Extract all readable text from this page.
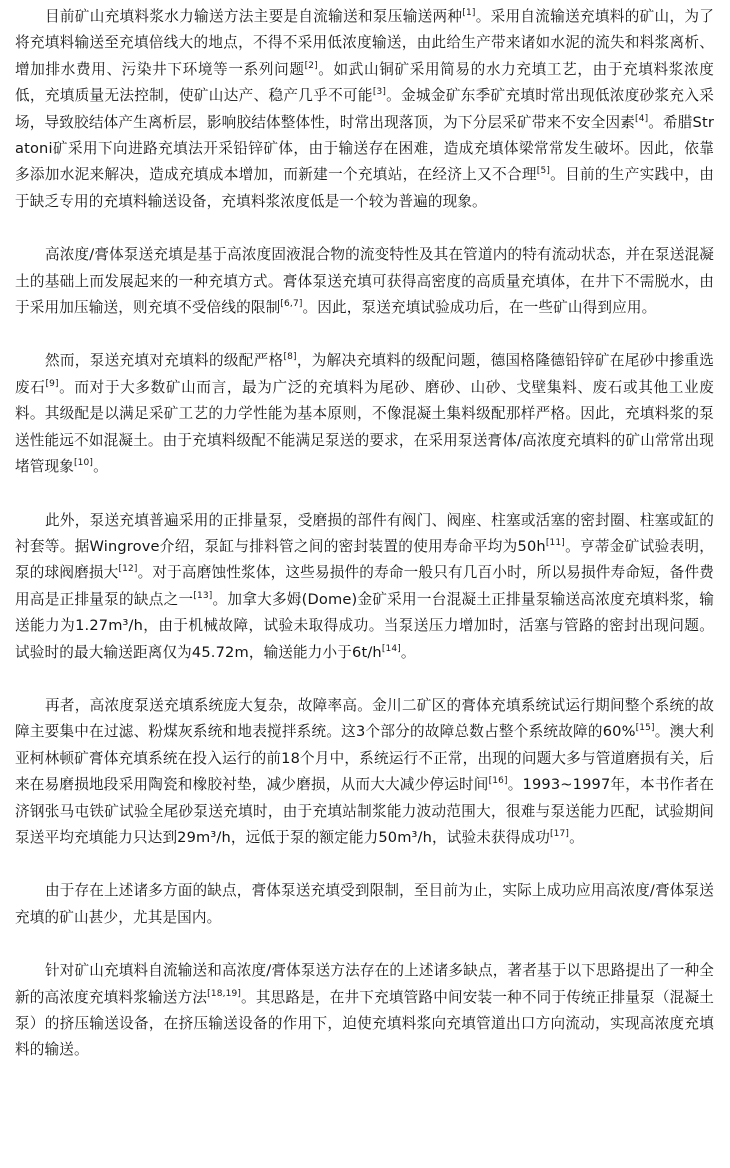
目前矿山充填料浆水力输送方法主要是自流输送和泵压输送两种[1]。采用自流输送充填料的矿山，为了将充填料输送至充填倍线大的地点，不得不采用低浓度输送，由此给生产带来诸如水泥的流失和料浆离析、增加排水费用、污染井下环境等一系列问题[2]。如武山铜矿采用简易的水力充填工艺，由于充填料浆浓度低，充填质量无法控制，使矿山达产、稳产几乎不可能[3]。金城金矿东季矿充填时常出现低浓度砂浆充入采场，导致胶结体产生离析层，影响胶结体整体性，时常出现落顶，为下分层采矿带来不安全因素[4]。希腊Stratoni矿采用下向进路充填法开采铅锌矿体，由于输送存在困难，造成充填体梁常常发生破坏。因此，依靠多添加水泥来解决，造成充填成本增加，而新建一个充填站，在经济上又不合理[5]。目前的生产实践中，由于缺乏专用的充填料输送设备，充填料浆浓度低是一个较为普遍的现象。

高浓度/膏体泵送充填是基于高浓度固液混合物的流变特性及其在管道内的特有流动状态，并在泵送混凝土的基础上而发展起来的一种充填方式。膏体泵送充填可获得高密度的高质量充填体，在井下不需脱水，由于采用加压输送，则充填不受倍线的限制[6,7]。因此，泵送充填试验成功后，在一些矿山得到应用。

然而，泵送充填对充填料的级配严格[8]，为解决充填料的级配问题，德国格隆德铅锌矿在尾砂中掺重选废石[9]。而对于大多数矿山而言，最为广泛的充填料为尾砂、磨砂、山砂、戈壁集料、废石或其他工业废料。其级配是以满足采矿工艺的力学性能为基本原则，不像混凝土集料级配那样严格。因此，充填料浆的泵送性能远不如混凝土。由于充填料级配不能满足泵送的要求，在采用泵送膏体/高浓度充填料的矿山常常出现堵管现象[10]。

此外，泵送充填普遍采用的正排量泵，受磨损的部件有阀门、阀座、柱塞或活塞的密封圈、柱塞或缸的衬套等。据Wingrove介绍，泵缸与排料管之间的密封装置的使用寿命平均为50h[11]。亨蒂金矿试验表明，泵的球阀磨损大[12]。对于高磨蚀性浆体，这些易损件的寿命一般只有几百小时，所以易损件寿命短，备件费用高是正排量泵的缺点之一[13]。加拿大多姆(Dome)金矿采用一台混凝土正排量泵输送高浓度充填料浆，输送能力为1.27m³/h，由于机械故障，试验未取得成功。当泵送压力增加时，活塞与管路的密封出现问题。试验时的最大输送距离仅为45.72m，输送能力小于6t/h[14]。

再者，高浓度泵送充填系统庞大复杂，故障率高。金川二矿区的膏体充填系统试运行期间整个系统的故障主要集中在过滤、粉煤灰系统和地表搅拌系统。这3个部分的故障总数占整个系统故障的60%[15]。澳大利亚柯林顿矿膏体充填系统在投入运行的前18个月中，系统运行不正常，出现的问题大多与管道磨损有关，后来在易磨损地段采用陶瓷和橡胶衬垫，减少磨损，从而大大减少停运时间[16]。1993~1997年，本书作者在济钢张马屯铁矿试验全尾砂泵送充填时，由于充填站制浆能力波动范围大，很难与泵送能力匹配，试验期间泵送平均充填能力只达到29m³/h，远低于泵的额定能力50m³/h，试验未获得成功[17]。

由于存在上述诸多方面的缺点，膏体泵送充填受到限制，至目前为止，实际上成功应用高浓度/膏体泵送充填的矿山甚少，尤其是国内。

针对矿山充填料自流输送和高浓度/膏体泵送方法存在的上述诸多缺点，著者基于以下思路提出了一种全新的高浓度充填料浆输送方法[18,19]。其思路是，在井下充填管路中间安装一种不同于传统正排量泵（混凝土泵）的挤压输送设备，在挤压输送设备的作用下，迫使充填料浆向充填管道出口方向流动，实现高浓度充填料的输送。
